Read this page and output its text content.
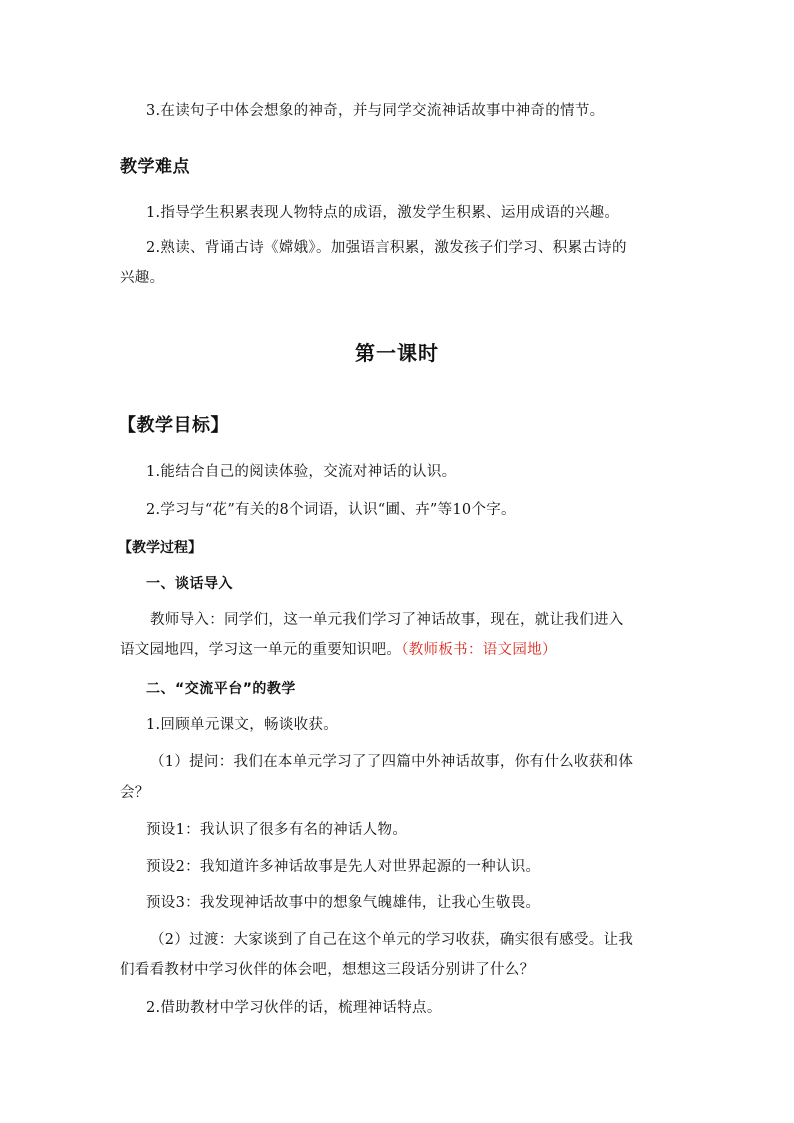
3.在读句子中体会想象的神奇，并与同学交流神话故事中神奇的情节。
教学难点
1.指导学生积累表现人物特点的成语，激发学生积累、运用成语的兴趣。
2.熟读、背诵古诗《嫦娥》。加强语言积累，激发孩子们学习、积累古诗的
兴趣。
第一课时
【教学目标】
1.能结合自己的阅读体验，交流对神话的认识。
2.学习与“花”有关的8个词语，认识“圃、卉”等10个字。
【教学过程】
一、谈话导入
教师导入：同学们，这一单元我们学习了神话故事，现在，就让我们进入
语文园地四，学习这一单元的重要知识吧。（教师板书：语文园地）
二、“交流平台”的教学
1.回顾单元课文，畅谈收获。
（1）提问：我们在本单元学习了了四篇中外神话故事，你有什么收获和体
会？
预设1：我认识了很多有名的神话人物。
预设2：我知道许多神话故事是先人对世界起源的一种认识。
预设3：我发现神话故事中的想象气魄雄伟，让我心生敬畏。
（2）过渡：大家谈到了自己在这个单元的学习收获，确实很有感受。让我
们看看教材中学习伙伴的体会吧，想想这三段话分别讲了什么？
2.借助教材中学习伙伴的话，梳理神话特点。
